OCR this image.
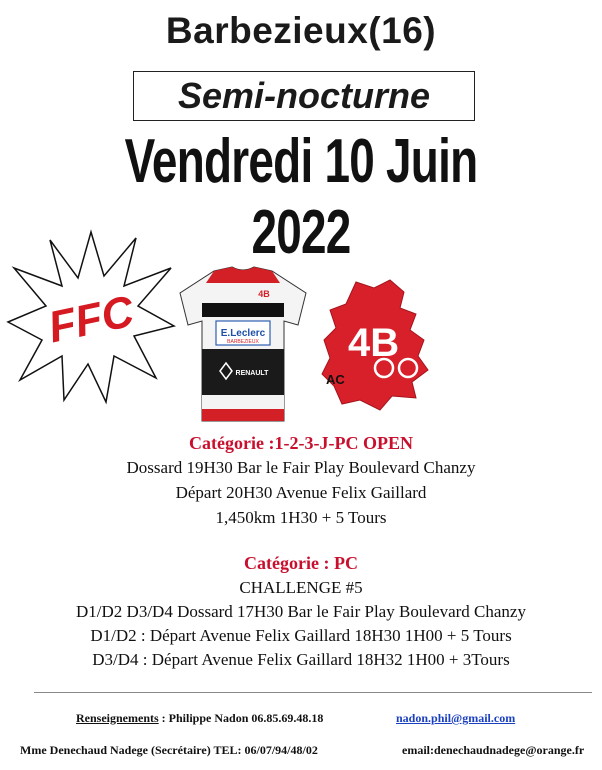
Barbezieux(16)
Semi-nocturne
Vendredi 10 Juin 2022
FFC	E.Leclerc
BARBEZIEUX
RENAULT
4B
4B
AC
Catégorie :1-2-3-J-PC OPEN
Dossard 19H30 Bar le Fair Play Boulevard Chanzy
Départ 20H30 Avenue Felix Gaillard
1,450km 1H30 + 5 Tours
Catégorie : PC
CHALLENGE #5
D1/D2 D3/D4 Dossard 17H30 Bar le Fair Play Boulevard Chanzy
D1/D2 : Départ Avenue Felix Gaillard 18H30 1H00 + 5 Tours
D3/D4 : Départ Avenue Felix Gaillard 18H32 1H00 + 3Tours
Renseignements : Philippe Nadon 06.85.69.48.18	nadon.phil@gmail.com
Mme Denechaud Nadege (Secrétaire) TEL: 06/07/94/48/02	email:denechaudnadege@orange.fr
